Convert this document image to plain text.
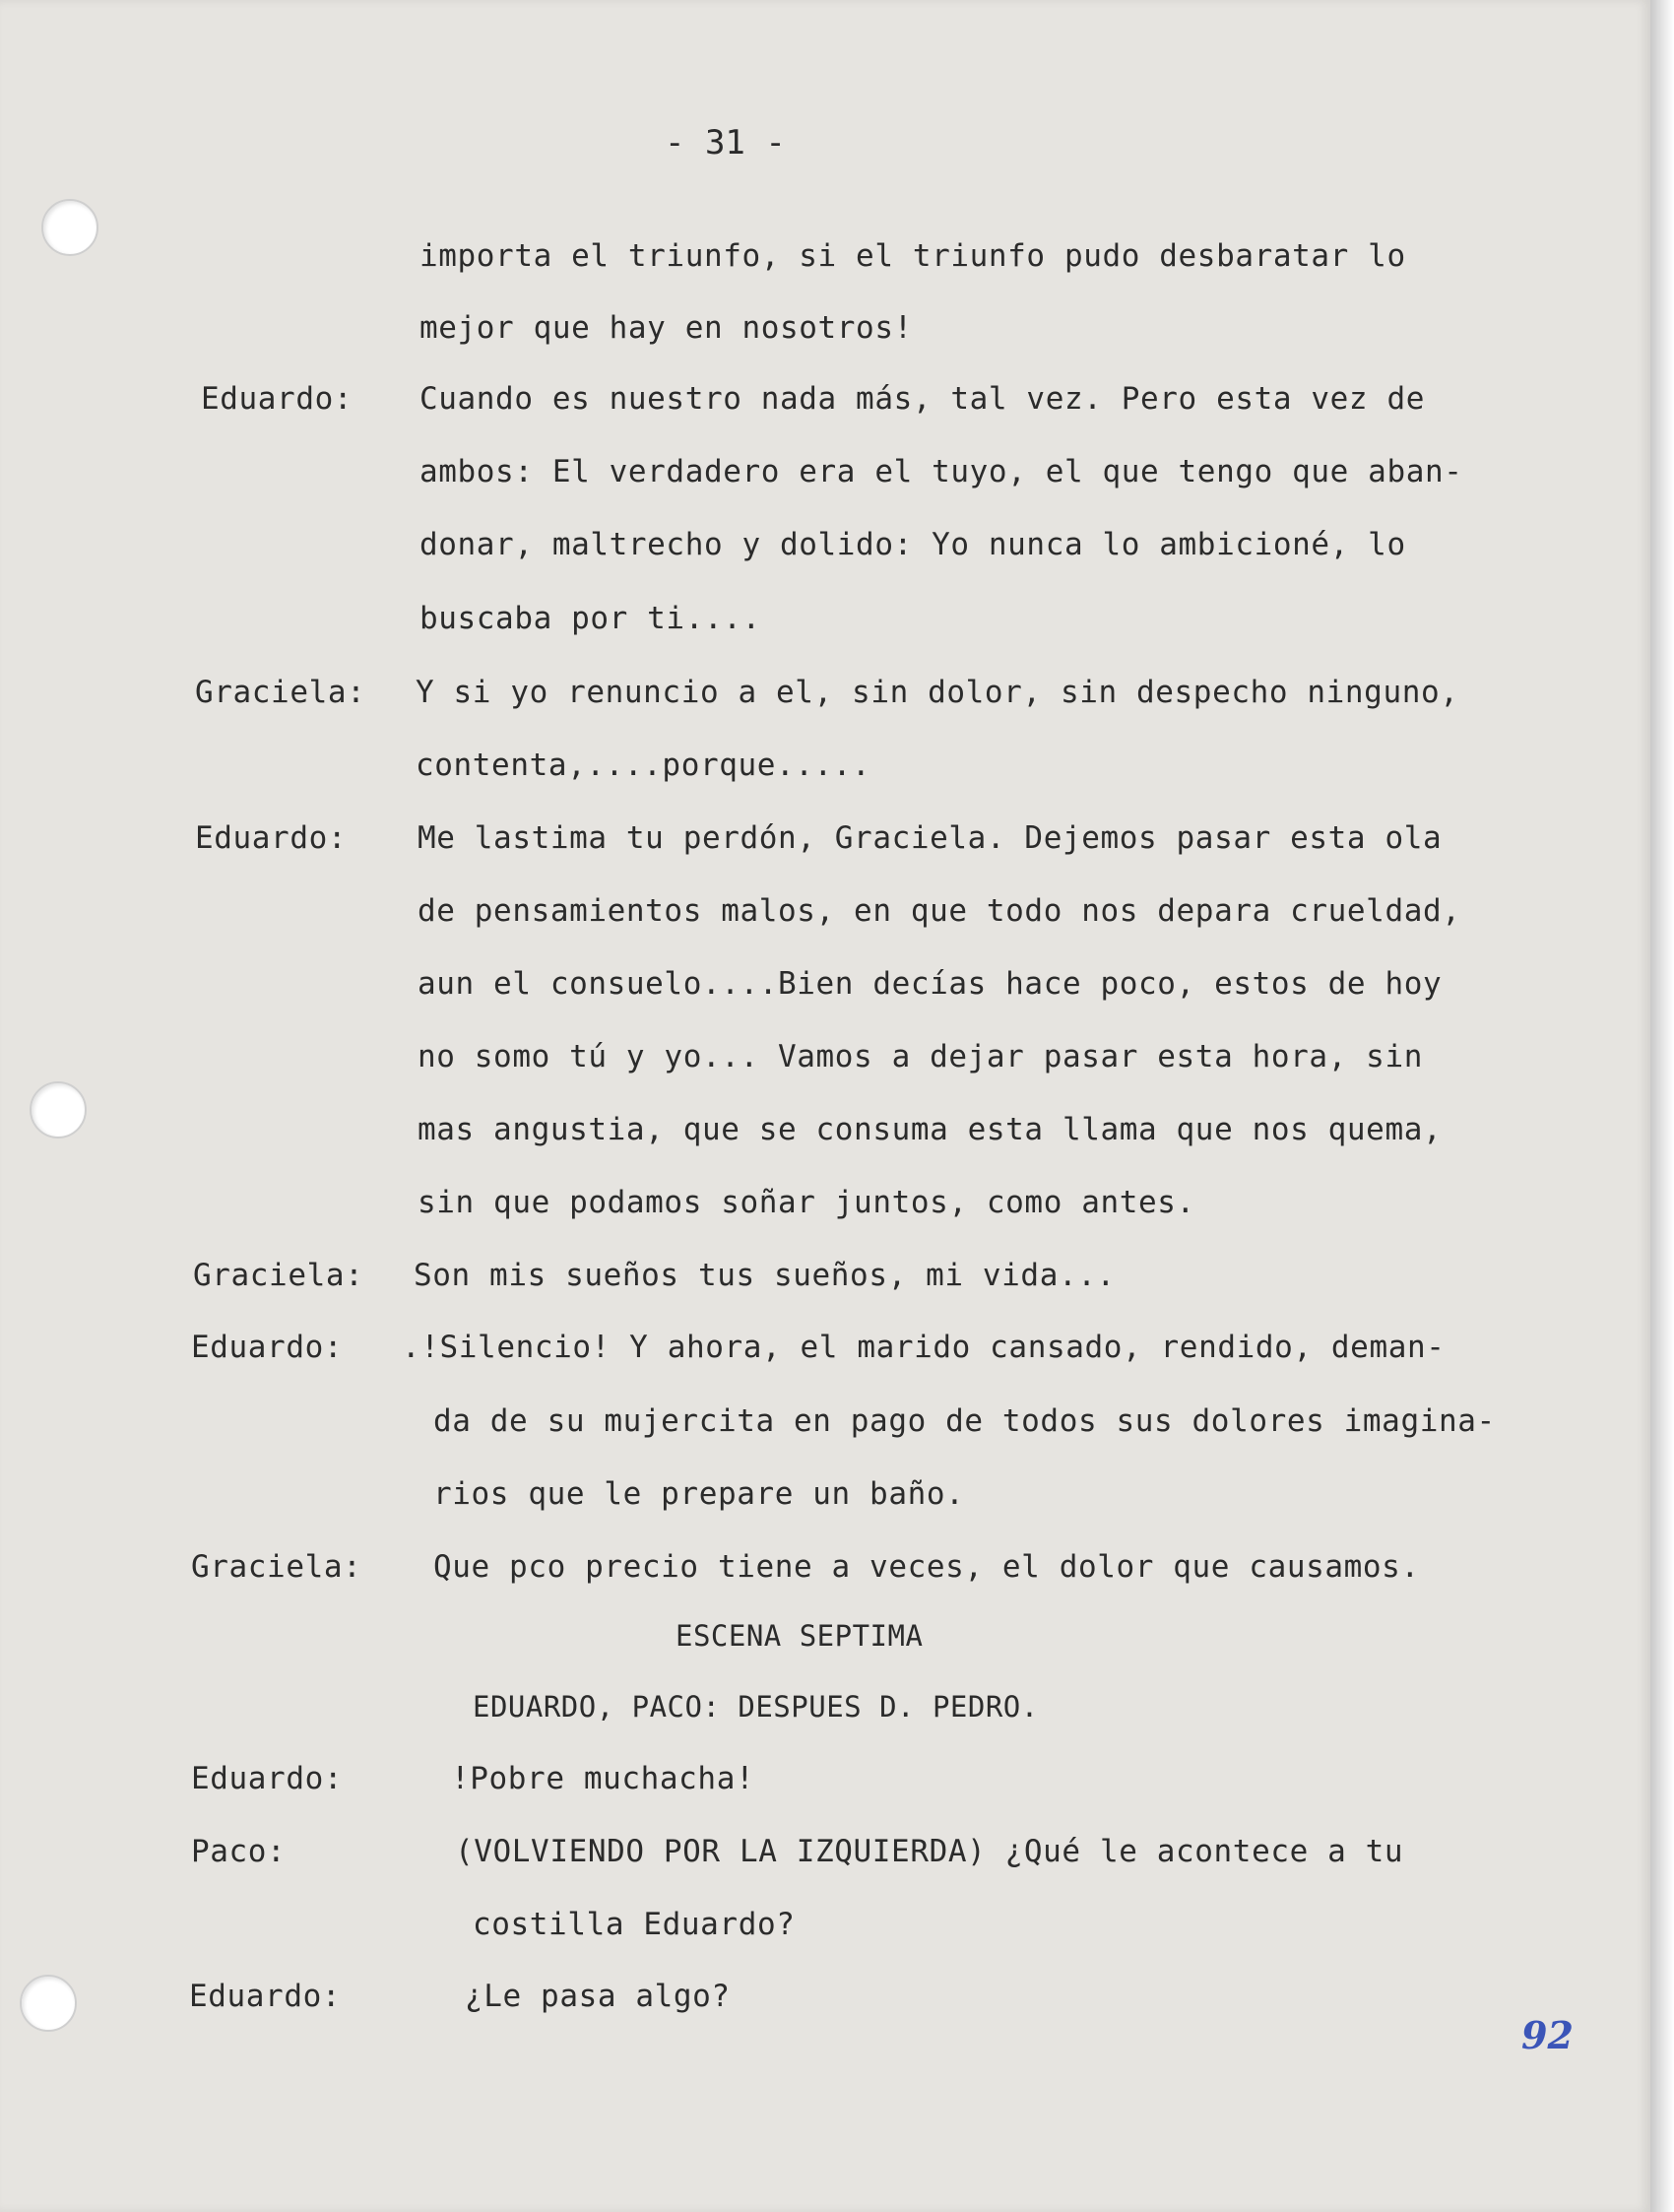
- 31 -
importa el triunfo, si el triunfo pudo desbaratar lo
mejor que hay en nosotros!
Eduardo: Cuando es nuestro nada más, tal vez. Pero esta vez de
ambos: El verdadero era el tuyo, el que tengo que aban-
donar, maltrecho y dolido: Yo nunca lo ambicioné, lo
buscaba por ti....
Graciela: Y si yo renuncio a el, sin dolor, sin despecho ninguno,
contenta,....porque.....
Eduardo: Me lastima tu perdón, Graciela. Dejemos pasar esta ola
de pensamientos malos, en que todo nos depara crueldad,
aun el consuelo....Bien decías hace poco, estos de hoy
no somo tú y yo... Vamos a dejar pasar esta hora, sin
mas angustia, que se consuma esta llama que nos quema,
sin que podamos soñar juntos, como antes.
Graciela: Son mis sueños tus sueños, mi vida...
Eduardo: .!Silencio! Y ahora, el marido cansado, rendido, deman-
da de su mujercita en pago de todos sus dolores imagina-
rios que le prepare un baño.
Graciela: Que pco precio tiene a veces, el dolor que causamos.
ESCENA SEPTIMA
EDUARDO, PACO: DESPUES D. PEDRO.
Eduardo:	!Pobre muchacha!
Paco:	(VOLVIENDO POR LA IZQUIERDA) ¿Qué le acontece a tu
costilla Eduardo?
Eduardo:	¿Le pasa algo?
92
